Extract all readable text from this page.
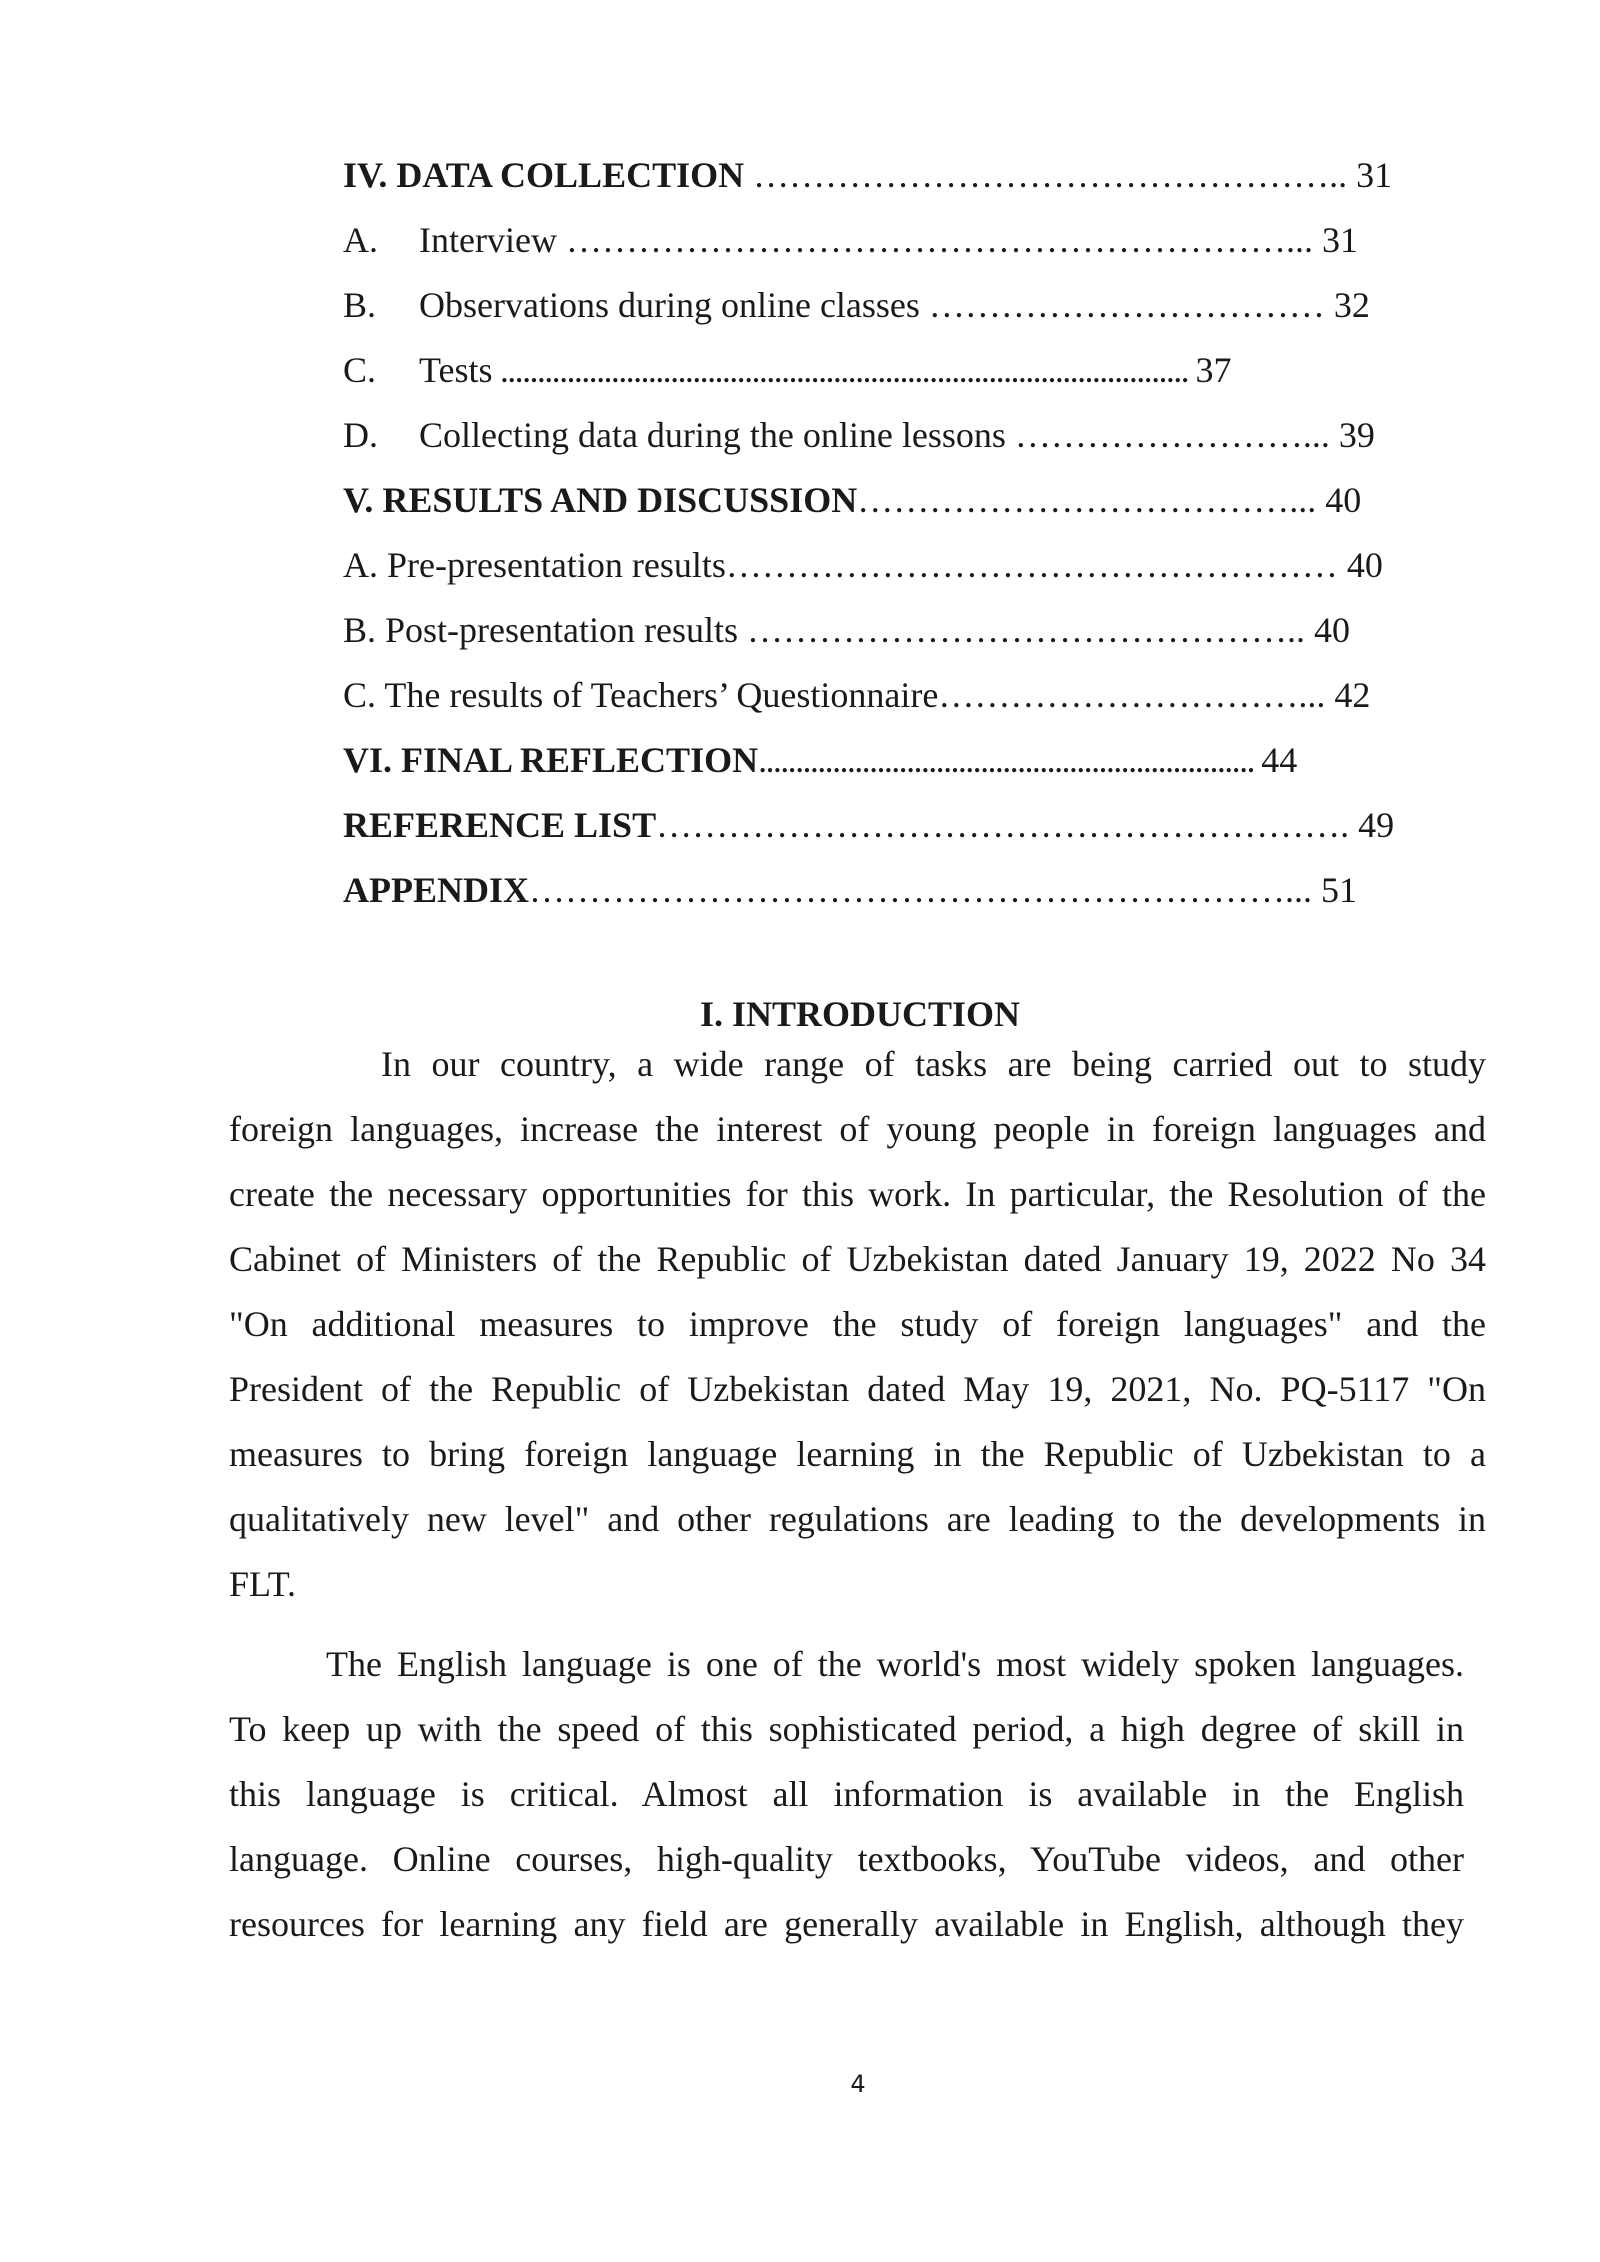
IV. DATA COLLECTION ………………………………………….. 31
A. Interview ……………………………………………………... 31
B.Observations during online classes …………………………… 32
C. Tests ............................................................................................. 37
D. Collecting data during the online lessons ……………………... 39
V. RESULTS AND DISCUSSION………………………………... 40
A. Pre-presentation results…………………………………………… 40
B. Post-presentation results ……………………………………….. 40
C. The results of Teachers’ Questionnaire…………………………... 42
VI. FINAL REFLECTION................................................................... 44
REFERENCE LIST…………………………………………………. 49
APPENDIX………………………………………………………... 51
I. INTRODUCTION
In our country, a wide range of tasks are being carried out to study
foreign languages, increase the interest of young people in foreign languages and
create the necessary opportunities for this work. In particular, the Resolution of the
Cabinet of Ministers of the Republic of Uzbekistan dated January 19, 2022 No 34
"On additional measures to improve the study of foreign languages" and the
President of the Republic of Uzbekistan dated May 19, 2021, No. PQ-5117 "On
measures to bring foreign language learning in the Republic of Uzbekistan to a
qualitatively new level" and other regulations are leading to the developments in
FLT.
The English language is one of the world's most widely spoken languages.
To keep up with the speed of this sophisticated period, a high degree of skill in
this language is critical. Almost all information is available in the English
language. Online courses, high-quality textbooks, YouTube videos, and other
resources for learning any field are generally available in English, although they
4
